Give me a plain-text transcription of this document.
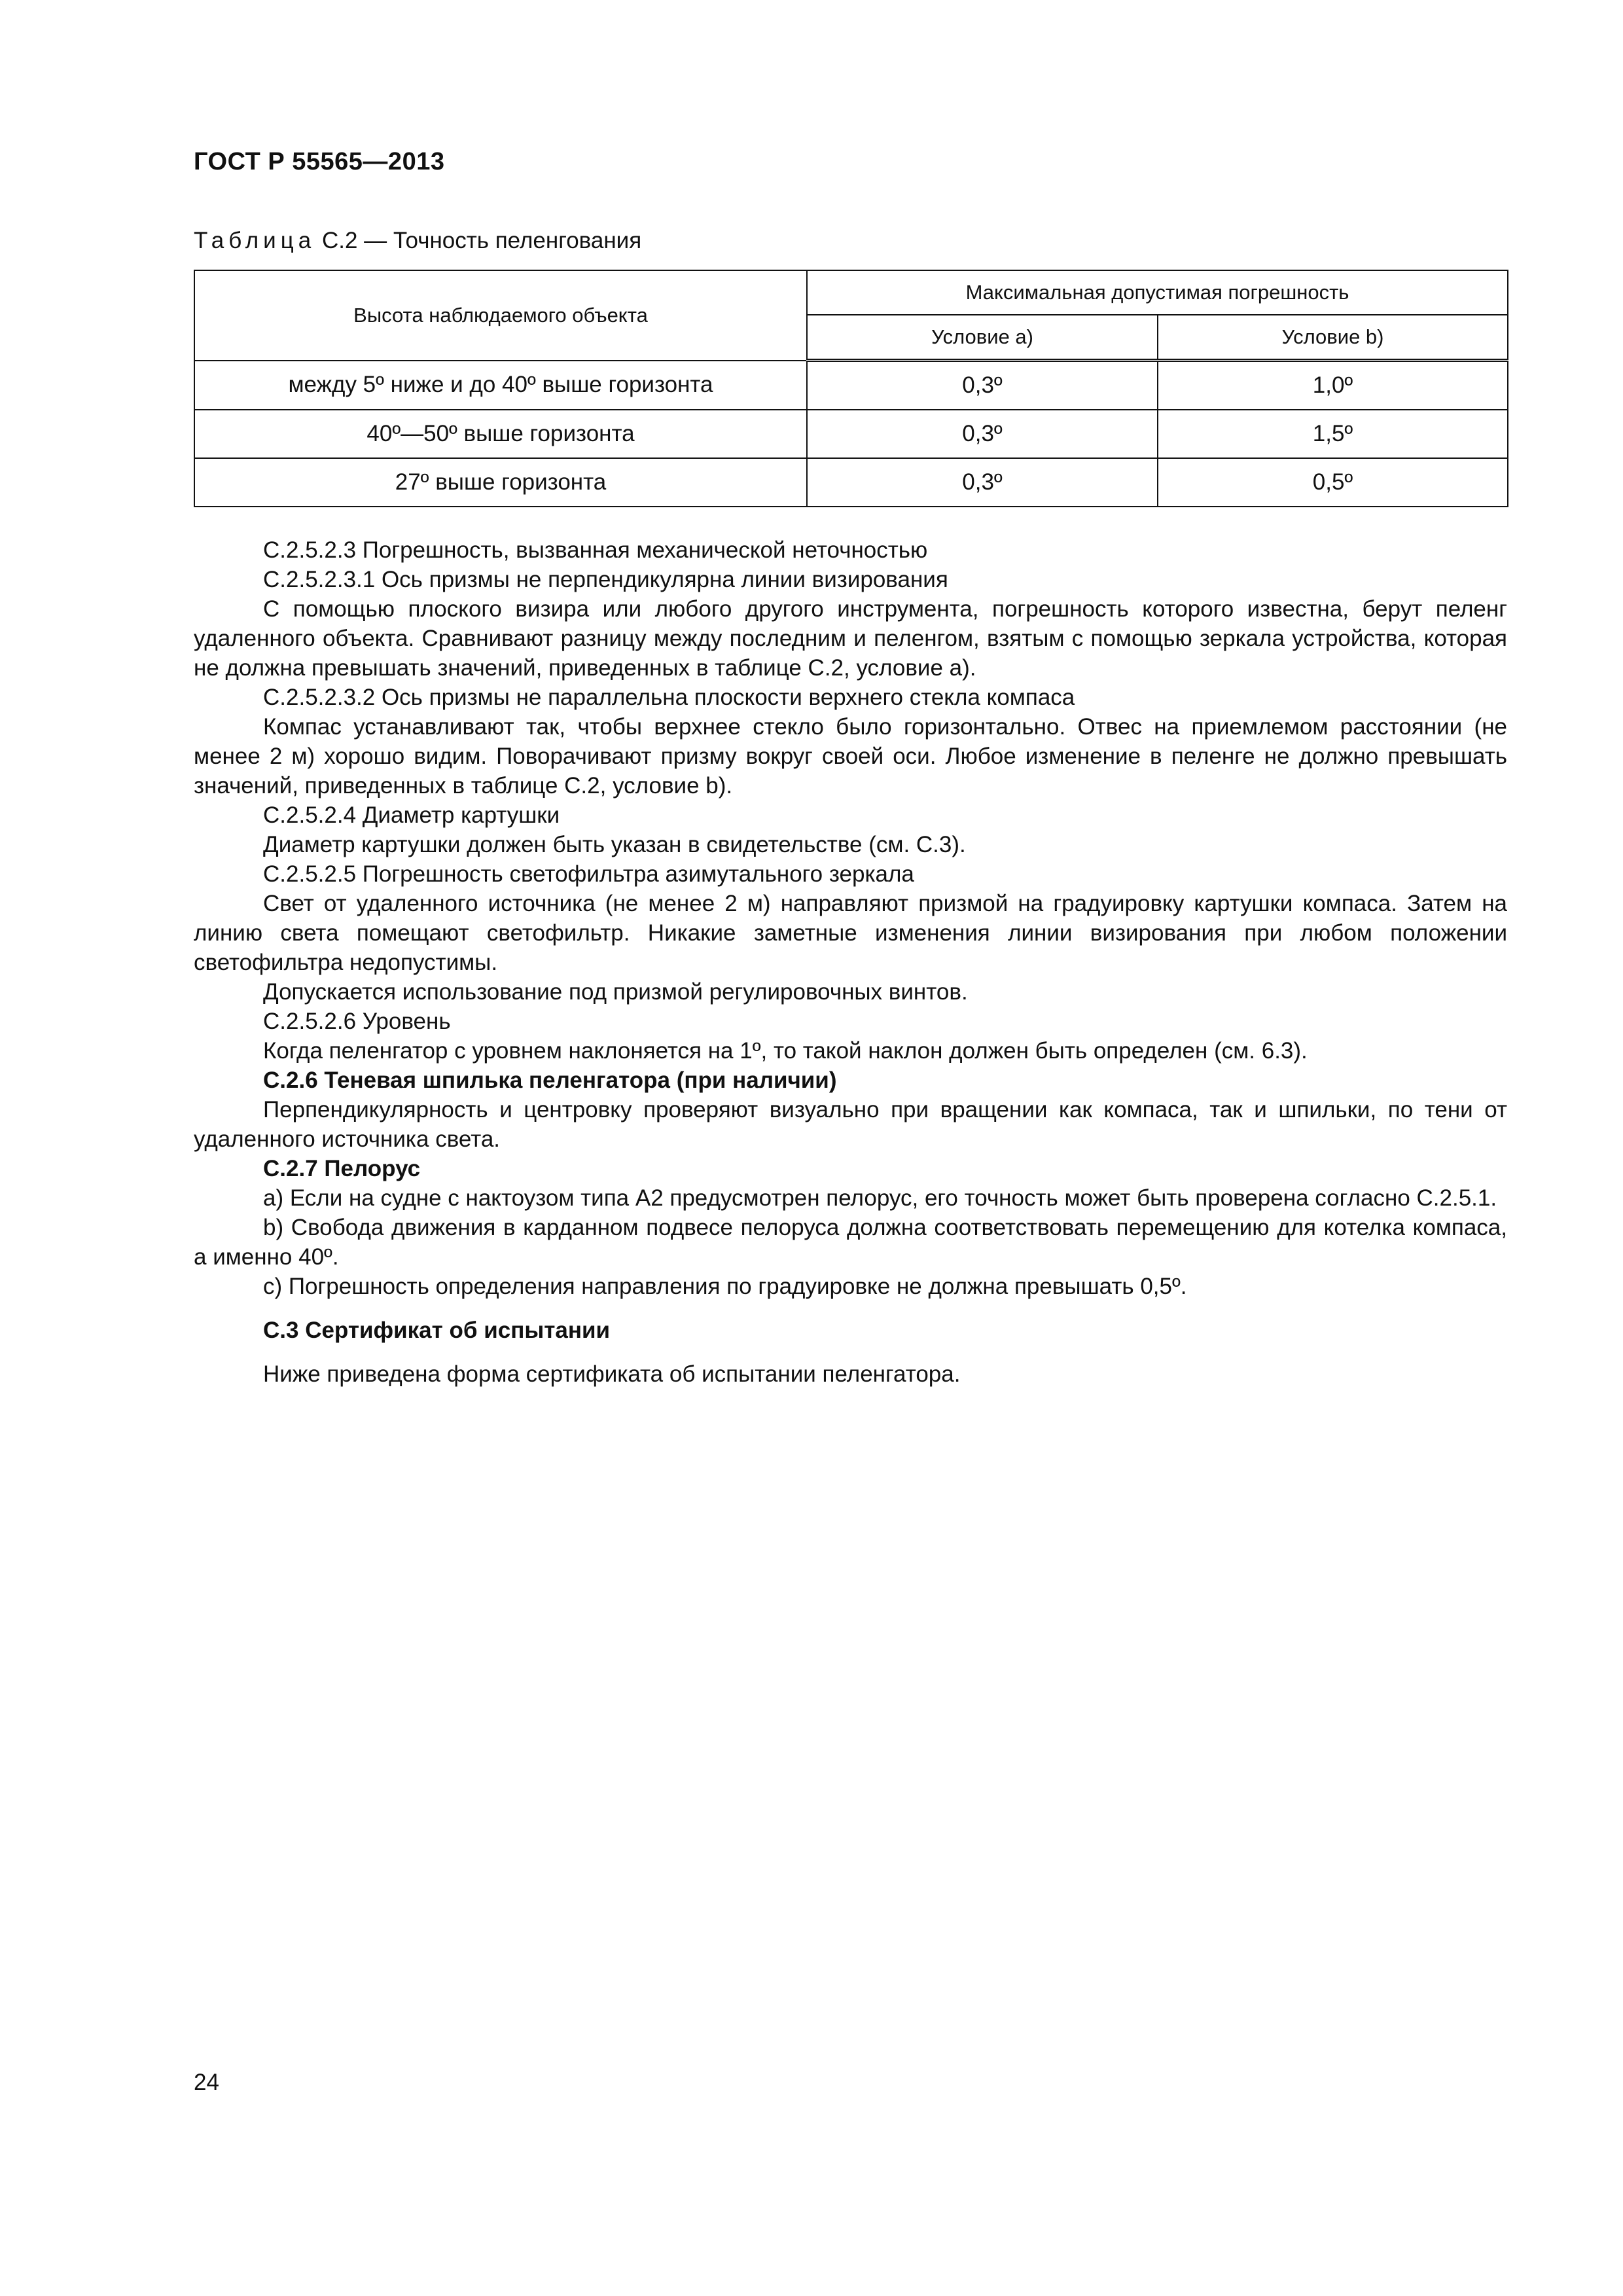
ГОСТ Р 55565—2013
Таблица С.2 — Точность пеленгования
Высота наблюдаемого объекта	Максимальная допустимая погрешность	
	Условие а)	Условие b)
между 5º ниже и до 40º выше горизонта	0,3º	1,0º
40º—50º выше горизонта	0,3º	1,5º
27º выше горизонта	0,3º	0,5º

С.2.5.2.3 Погрешность, вызванная механической неточностью

С.2.5.2.3.1 Ось призмы не перпендикулярна линии визирования

С помощью плоского визира или любого другого инструмента, погрешность которого известна, берут пеленг удаленного объекта. Сравнивают разницу между последним и пеленгом, взятым с помощью зеркала устройства, которая не должна превышать значений, приведенных в таблице С.2, условие а).

С.2.5.2.3.2 Ось призмы не параллельна плоскости верхнего стекла компаса

Компас устанавливают так, чтобы верхнее стекло было горизонтально. Отвес на приемлемом расстоянии (не менее 2 м) хорошо видим. Поворачивают призму вокруг своей оси. Любое изменение в пеленге не должно превышать значений, приведенных в таблице С.2, условие b).

С.2.5.2.4 Диаметр картушки

Диаметр картушки должен быть указан в свидетельстве (см. С.3).

С.2.5.2.5 Погрешность светофильтра азимутального зеркала

Свет от удаленного источника (не менее 2 м) направляют призмой на градуировку картушки компаса. Затем на линию света помещают светофильтр. Никакие заметные изменения линии визирования при любом положении светофильтра недопустимы.

Допускается использование под призмой регулировочных винтов.

С.2.5.2.6 Уровень

Когда пеленгатор с уровнем наклоняется на 1º, то такой наклон должен быть определен (см. 6.3).

С.2.6 Теневая шпилька пеленгатора (при наличии)

Перпендикулярность и центровку проверяют визуально при вращении как компаса, так и шпильки, по тени от удаленного источника света.

С.2.7 Пелорус

а) Если на судне с нактоузом типа А2 предусмотрен пелорус, его точность может быть проверена согласно С.2.5.1.

b) Свобода движения в карданном подвесе пелоруса должна соответствовать перемещению для котелка компаса, а именно 40º.

с) Погрешность определения направления по градуировке не должна превышать 0,5º.

С.3 Сертификат об испытании

Ниже приведена форма сертификата об испытании пеленгатора.

24
